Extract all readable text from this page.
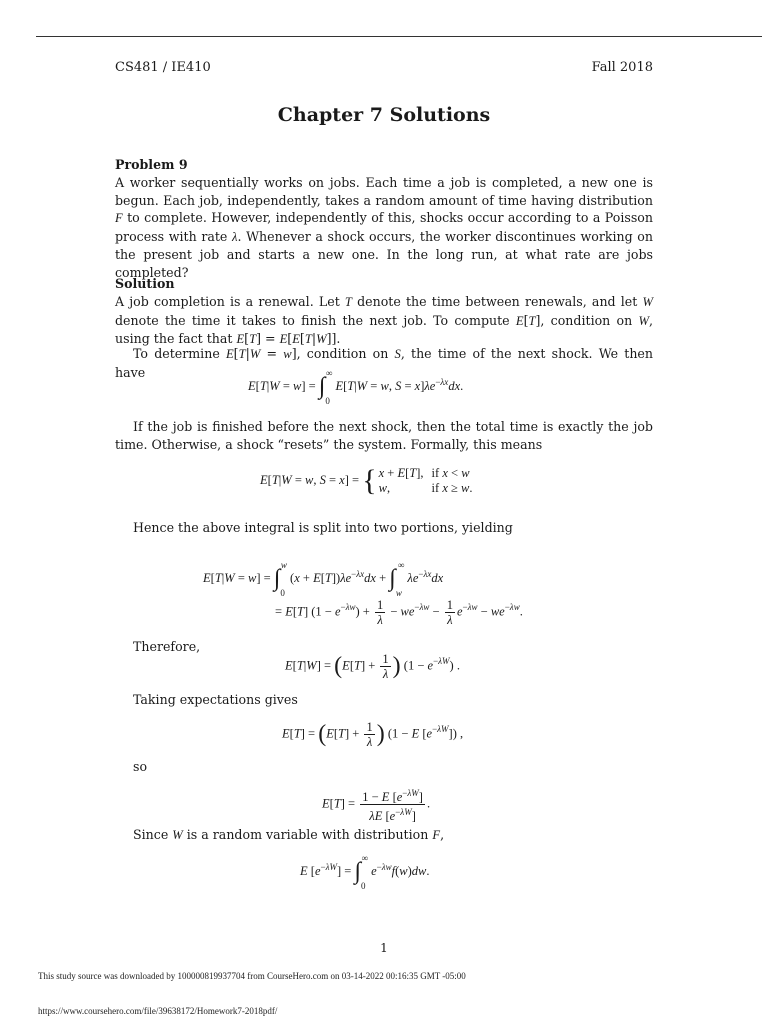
CS481 / IE410	Fall 2018
Chapter 7 Solutions
Problem 9
A worker sequentially works on jobs. Each time a job is completed, a new one is begun. Each job, independently, takes a random amount of time having distribution F to complete. However, independently of this, shocks occur according to a Poisson process with rate λ. Whenever a shock occurs, the worker discontinues working on the present job and starts a new one. In the long run, at what rate are jobs completed?
Solution
A job completion is a renewal. Let T denote the time between renewals, and let W denote the time it takes to finish the next job. To compute E[T], condition on W, using the fact that E[T] = E[E[T|W]].
To determine E[T|W = w], condition on S, the time of the next shock. We then have
$E[T|W = w] = \int_0^\infty$ E[T|W = w, $S = x]\lambda e^{-\lambda x}dx$.
If the job is finished before the next shock, then the total time is exactly the job time. Otherwise, a shock “resets” the system. Formally, this means
E[T|W = w, S = x] = { x + E[T],	if x < w
w,	if x ≥ w.
Hence the above integral is split into two portions, yielding
$E[T|W = w] = \int_0^w$ $(x + E[T])\lambda e^{-\lambda x}dx + \int_w^\infty$ $\lambda e^{-\lambda x}dx$
= E[T] $(1 - e^{-\lambda w}) + \frac{1}{\lambda} - we^{-\lambda w} - \frac{1}{\lambda} e^{-\lambda w} - we^{-\lambda w}$.
Therefore,
$E[T|W] = (E[T] + \frac{1}{\lambda}$ ) $(1 - e^{-\lambda W})$ .
Taking expectations gives
$E[T] = (E[T] + \frac{1}{\lambda}$ ) (1 − E $[e^{-\lambda W}]$) ,
so
$E[T] = \frac{1 - E [e^{-\lambda W}]}{\lambda E [e^{-\lambda W}]}$ .
Since W is a random variable with distribution F,
E $[e^{-\lambda W}] = \int_0^\infty$ $e^{-\lambda w}f(w)dw$.
1
This study source was downloaded by 100000819937704 from CourseHero.com on 03-14-2022 00:16:35 GMT -05:00
https://www.coursehero.com/file/39638172/Homework7-2018pdf/
